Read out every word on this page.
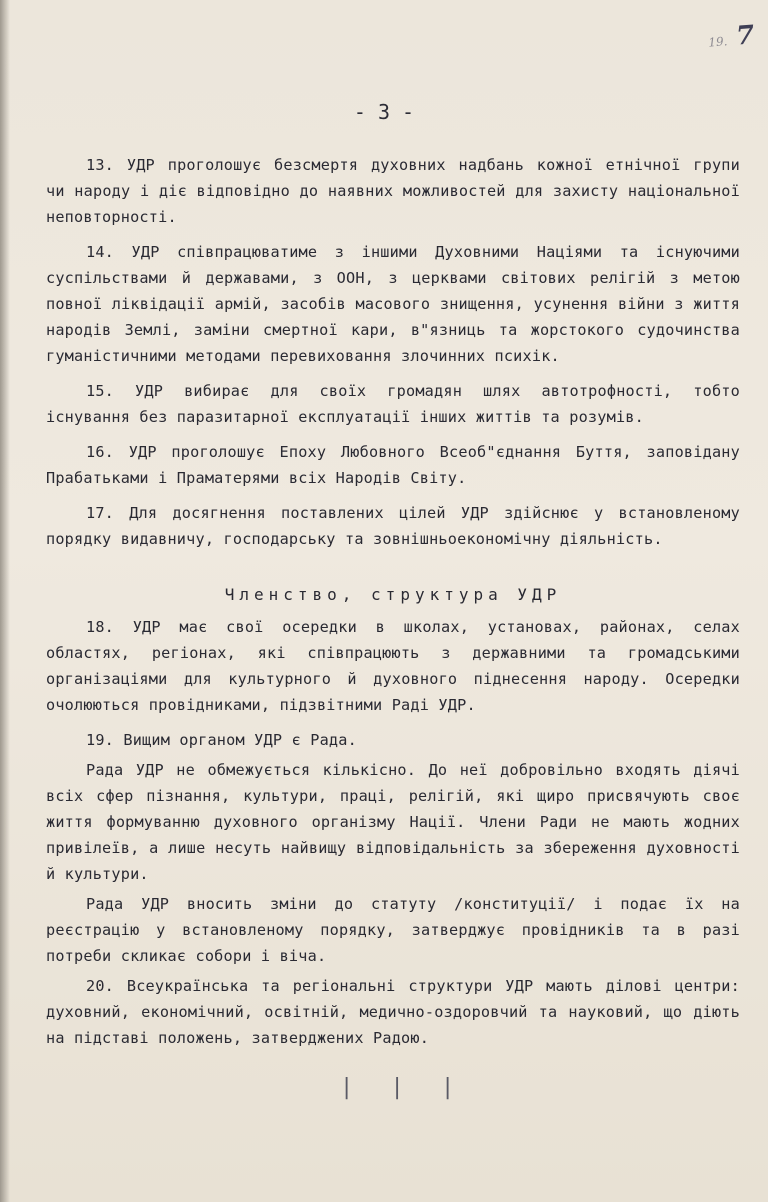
19. 7
- 3 -

13. УДР проголошує безсмертя духовних надбань кожної етнічної групи чи народу і діє відповідно до наявних можливостей для захисту національної неповторності.

14. УДР співпрацюватиме з іншими Духовними Націями та існуючими суспільствами й державами, з ООН, з церквами світових релігій з метою повної ліквідації армій, засобів масового знищення, усунення війни з життя народів Землі, заміни смертної кари, в"язниць та жорстокого судочинства гуманістичними методами перевиховання злочинних психік.

15. УДР вибирає для своїх громадян шлях автотрофності, тобто існування без паразитарної експлуатації інших життів та розумів.

16. УДР проголошує Епоху Любовного Всеоб"єднання Буття, заповідану Прабатьками і Праматерями всіх Народів Світу.

17. Для досягнення поставлених цілей УДР здійснює у встановленому порядку видавничу, господарську та зовнішньоекономічну діяльність.

Членство, структура УДР

18. УДР має свої осередки в школах, установах, районах, селах областях, регіонах, які співпрацюють з державними та громадськими організаціями для культурного й духовного піднесення народу. Осередки очолюються провідниками, підзвітними Раді УДР.

19. Вищим органом УДР є Рада.

Рада УДР не обмежується кількісно. До неї добровільно входять діячі всіх сфер пізнання, культури, праці, релігій, які щиро присвячують своє життя формуванню духовного організму Нації. Члени Ради не мають жодних привілеїв, а лише несуть найвищу відповідальність за збереження духовності й культури.

Рада УДР вносить зміни до статуту /конституції/ і подає їх на реєстрацію у встановленому порядку, затверджує провідників та в разі потреби скликає собори і віча.

20. Всеукраїнська та регіональні структури УДР мають ділові центри: духовний, економічний, освітній, медично-оздоровчий та науковий, що діють на підставі положень, затверджених Радою.

| | |
